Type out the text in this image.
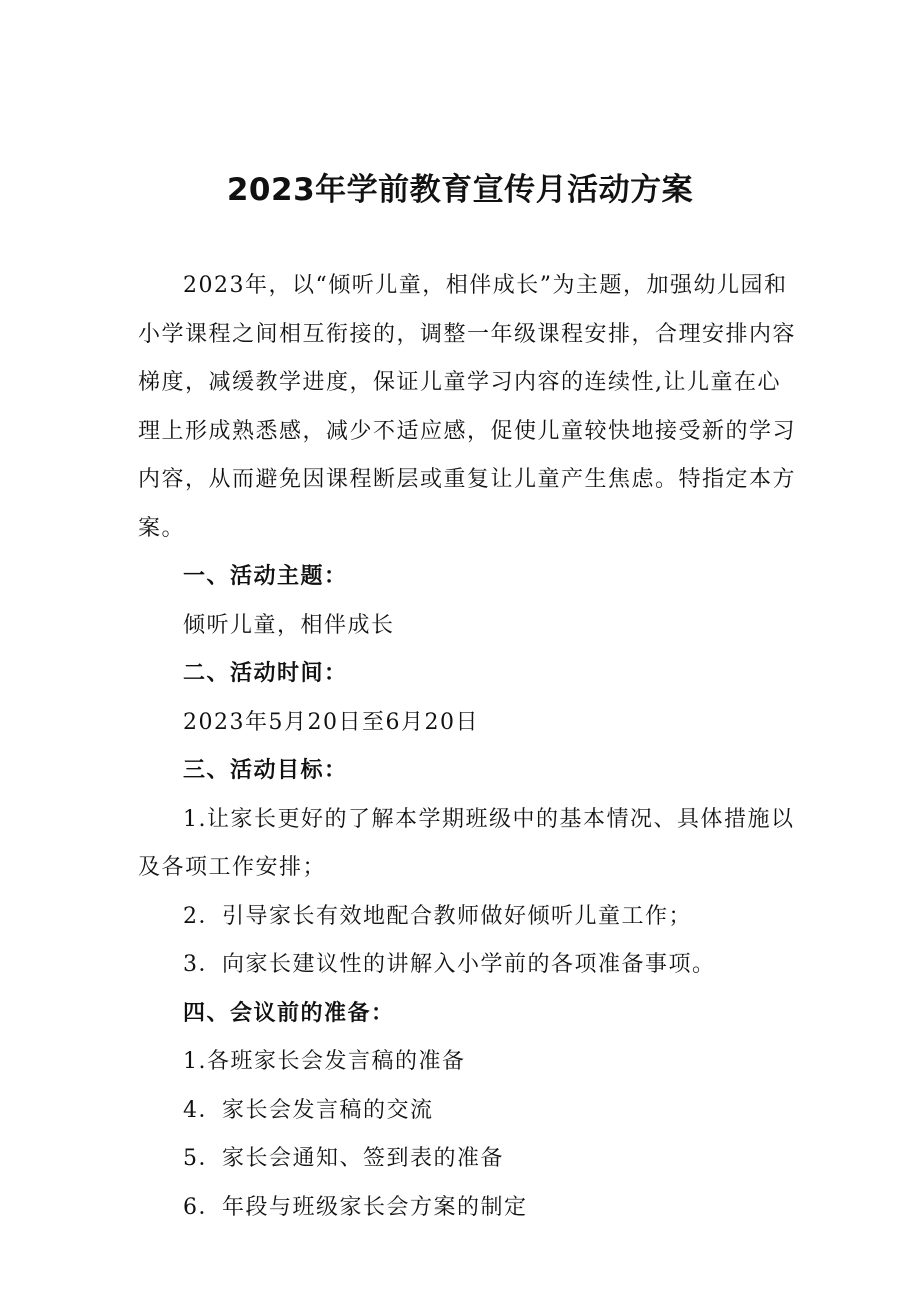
2023年学前教育宣传月活动方案

2023年，以“倾听儿童，相伴成长”为主题，加强幼儿园和小学课程之间相互衔接的，调整一年级课程安排，合理安排内容梯度，减缓教学进度，保证儿童学习内容的连续性,让儿童在心理上形成熟悉感，减少不适应感，促使儿童较快地接受新的学习内容，从而避免因课程断层或重复让儿童产生焦虑。特指定本方案。

一、活动主题：

倾听儿童，相伴成长

二、活动时间：

2023年5月20日至6月20日

三、活动目标：

1.让家长更好的了解本学期班级中的基本情况、具体措施以及各项工作安排；

2．引导家长有效地配合教师做好倾听儿童工作；

3．向家长建议性的讲解入小学前的各项准备事项。

四、会议前的准备：

1.各班家长会发言稿的准备

4．家长会发言稿的交流

5．家长会通知、签到表的准备

6．年段与班级家长会方案的制定
